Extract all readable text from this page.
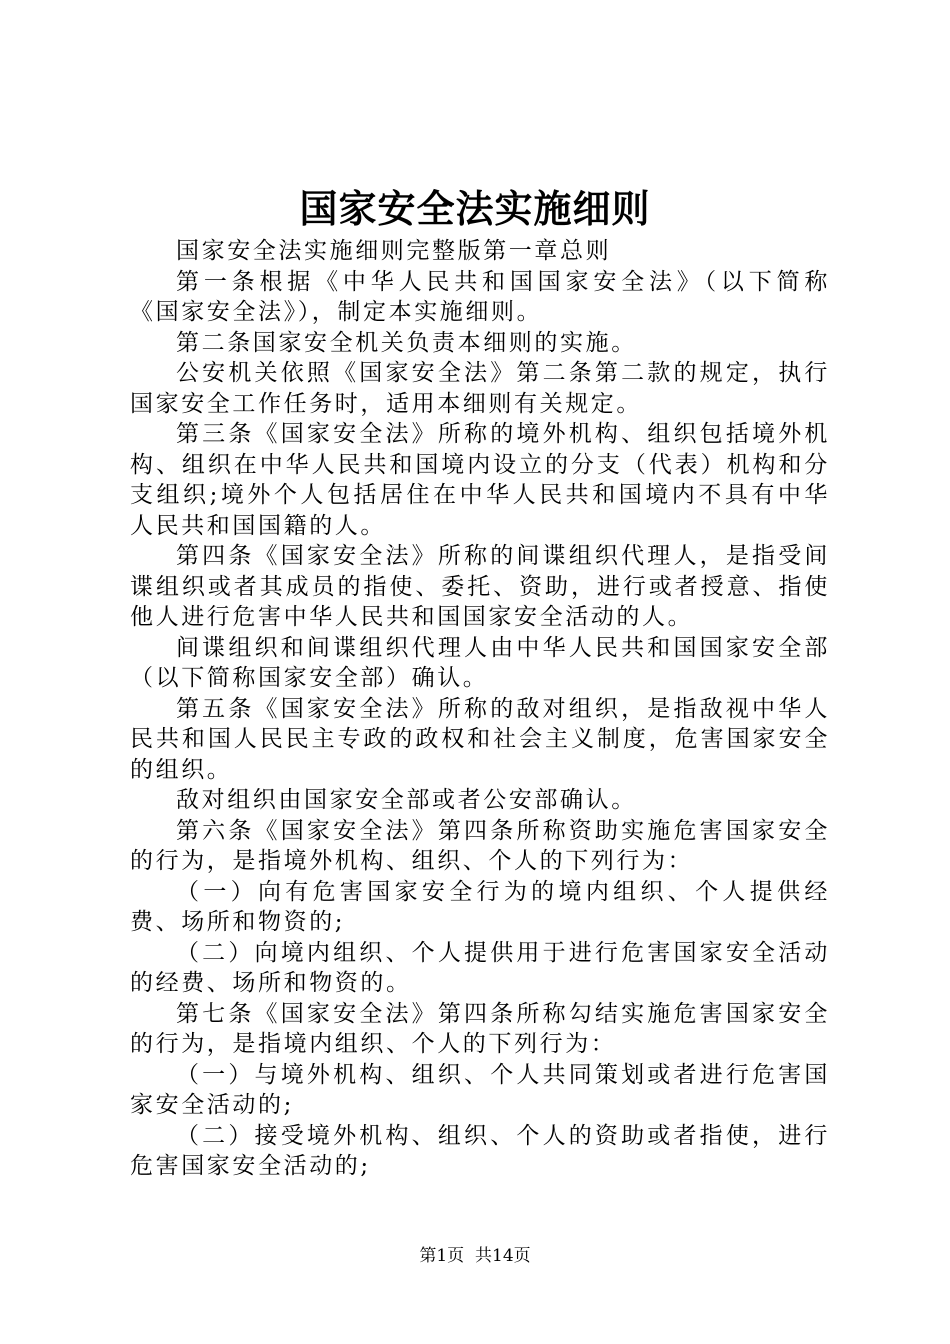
国家安全法实施细则

国家安全法实施细则完整版第一章总则

第一条根据《中华人民共和国国家安全法》（以下简称《国家安全法》），制定本实施细则。

第二条国家安全机关负责本细则的实施。

公安机关依照《国家安全法》第二条第二款的规定，执行国家安全工作任务时，适用本细则有关规定。

第三条《国家安全法》所称的境外机构、组织包括境外机构、组织在中华人民共和国境内设立的分支（代表）机构和分支组织;境外个人包括居住在中华人民共和国境内不具有中华人民共和国国籍的人。

第四条《国家安全法》所称的间谍组织代理人，是指受间谍组织或者其成员的指使、委托、资助，进行或者授意、指使他人进行危害中华人民共和国国家安全活动的人。

间谍组织和间谍组织代理人由中华人民共和国国家安全部（以下简称国家安全部）确认。

第五条《国家安全法》所称的敌对组织，是指敌视中华人民共和国人民民主专政的政权和社会主义制度，危害国家安全的组织。

敌对组织由国家安全部或者公安部确认。

第六条《国家安全法》第四条所称资助实施危害国家安全的行为，是指境外机构、组织、个人的下列行为：

（一）向有危害国家安全行为的境内组织、个人提供经费、场所和物资的;

（二）向境内组织、个人提供用于进行危害国家安全活动的经费、场所和物资的。

第七条《国家安全法》第四条所称勾结实施危害国家安全的行为，是指境内组织、个人的下列行为：

（一）与境外机构、组织、个人共同策划或者进行危害国家安全活动的;

（二）接受境外机构、组织、个人的资助或者指使，进行危害国家安全活动的;

第1页 共14页
